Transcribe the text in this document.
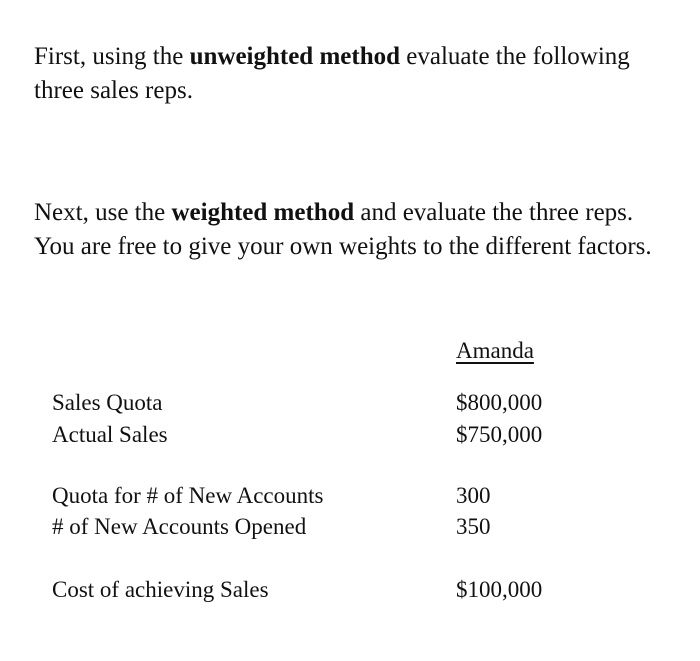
First, using the unweighted method evaluate the following three sales reps.

Next, use the weighted method and evaluate the three reps. You are free to give your own weights to the different factors.

Amanda
Sales Quota	$800,000
Actual Sales	$750,000
Quota for # of New Accounts	300
# of New Accounts Opened	350
Cost of achieving Sales	$100,000
